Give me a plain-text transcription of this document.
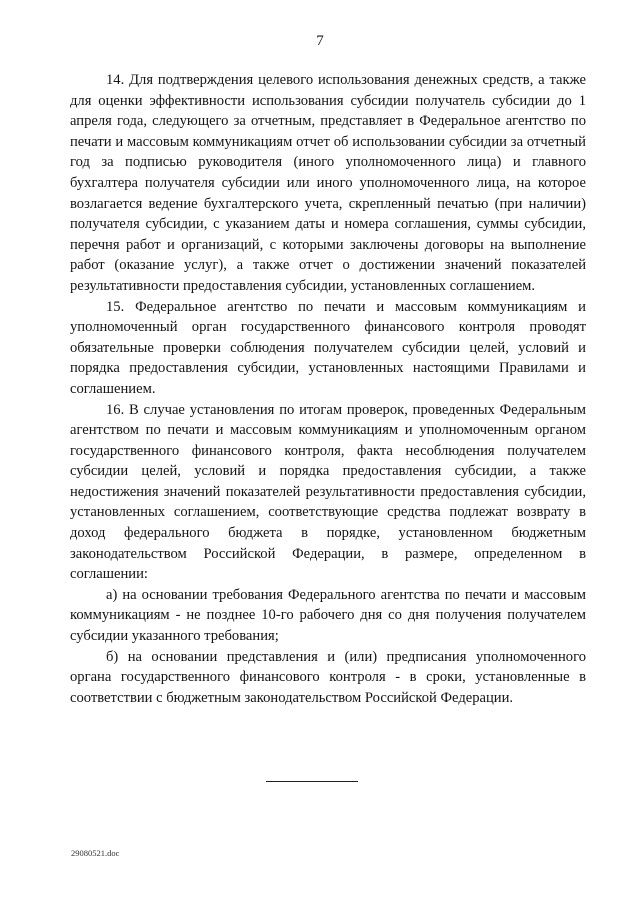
7

14. Для подтверждения целевого использования денежных средств, а также для оценки эффективности использования субсидии получатель субсидии до 1 апреля года, следующего за отчетным, представляет в Федеральное агентство по печати и массовым коммуникациям отчет об использовании субсидии за отчетный год за подписью руководителя (иного уполномоченного лица) и главного бухгалтера получателя субсидии или иного уполномоченного лица, на которое возлагается ведение бухгалтерского учета, скрепленный печатью (при наличии) получателя субсидии, с указанием даты и номера соглашения, суммы субсидии, перечня работ и организаций, с которыми заключены договоры на выполнение работ (оказание услуг), а также отчет о достижении значений показателей результативности предоставления субсидии, установленных соглашением.

15. Федеральное агентство по печати и массовым коммуникациям и уполномоченный орган государственного финансового контроля проводят обязательные проверки соблюдения получателем субсидии целей, условий и порядка предоставления субсидии, установленных настоящими Правилами и соглашением.

16. В случае установления по итогам проверок, проведенных Федеральным агентством по печати и массовым коммуникациям и уполномоченным органом государственного финансового контроля, факта несоблюдения получателем субсидии целей, условий и порядка предоставления субсидии, а также недостижения значений показателей результативности предоставления субсидии, установленных соглашением, соответствующие средства подлежат возврату в доход федерального бюджета в порядке, установленном бюджетным законодательством Российской Федерации, в размере, определенном в соглашении:

а) на основании требования Федерального агентства по печати и массовым коммуникациям - не позднее 10-го рабочего дня со дня получения получателем субсидии указанного требования;

б) на основании представления и (или) предписания уполномоченного органа государственного финансового контроля - в сроки, установленные в соответствии с бюджетным законодательством Российской Федерации.

29080521.doc
